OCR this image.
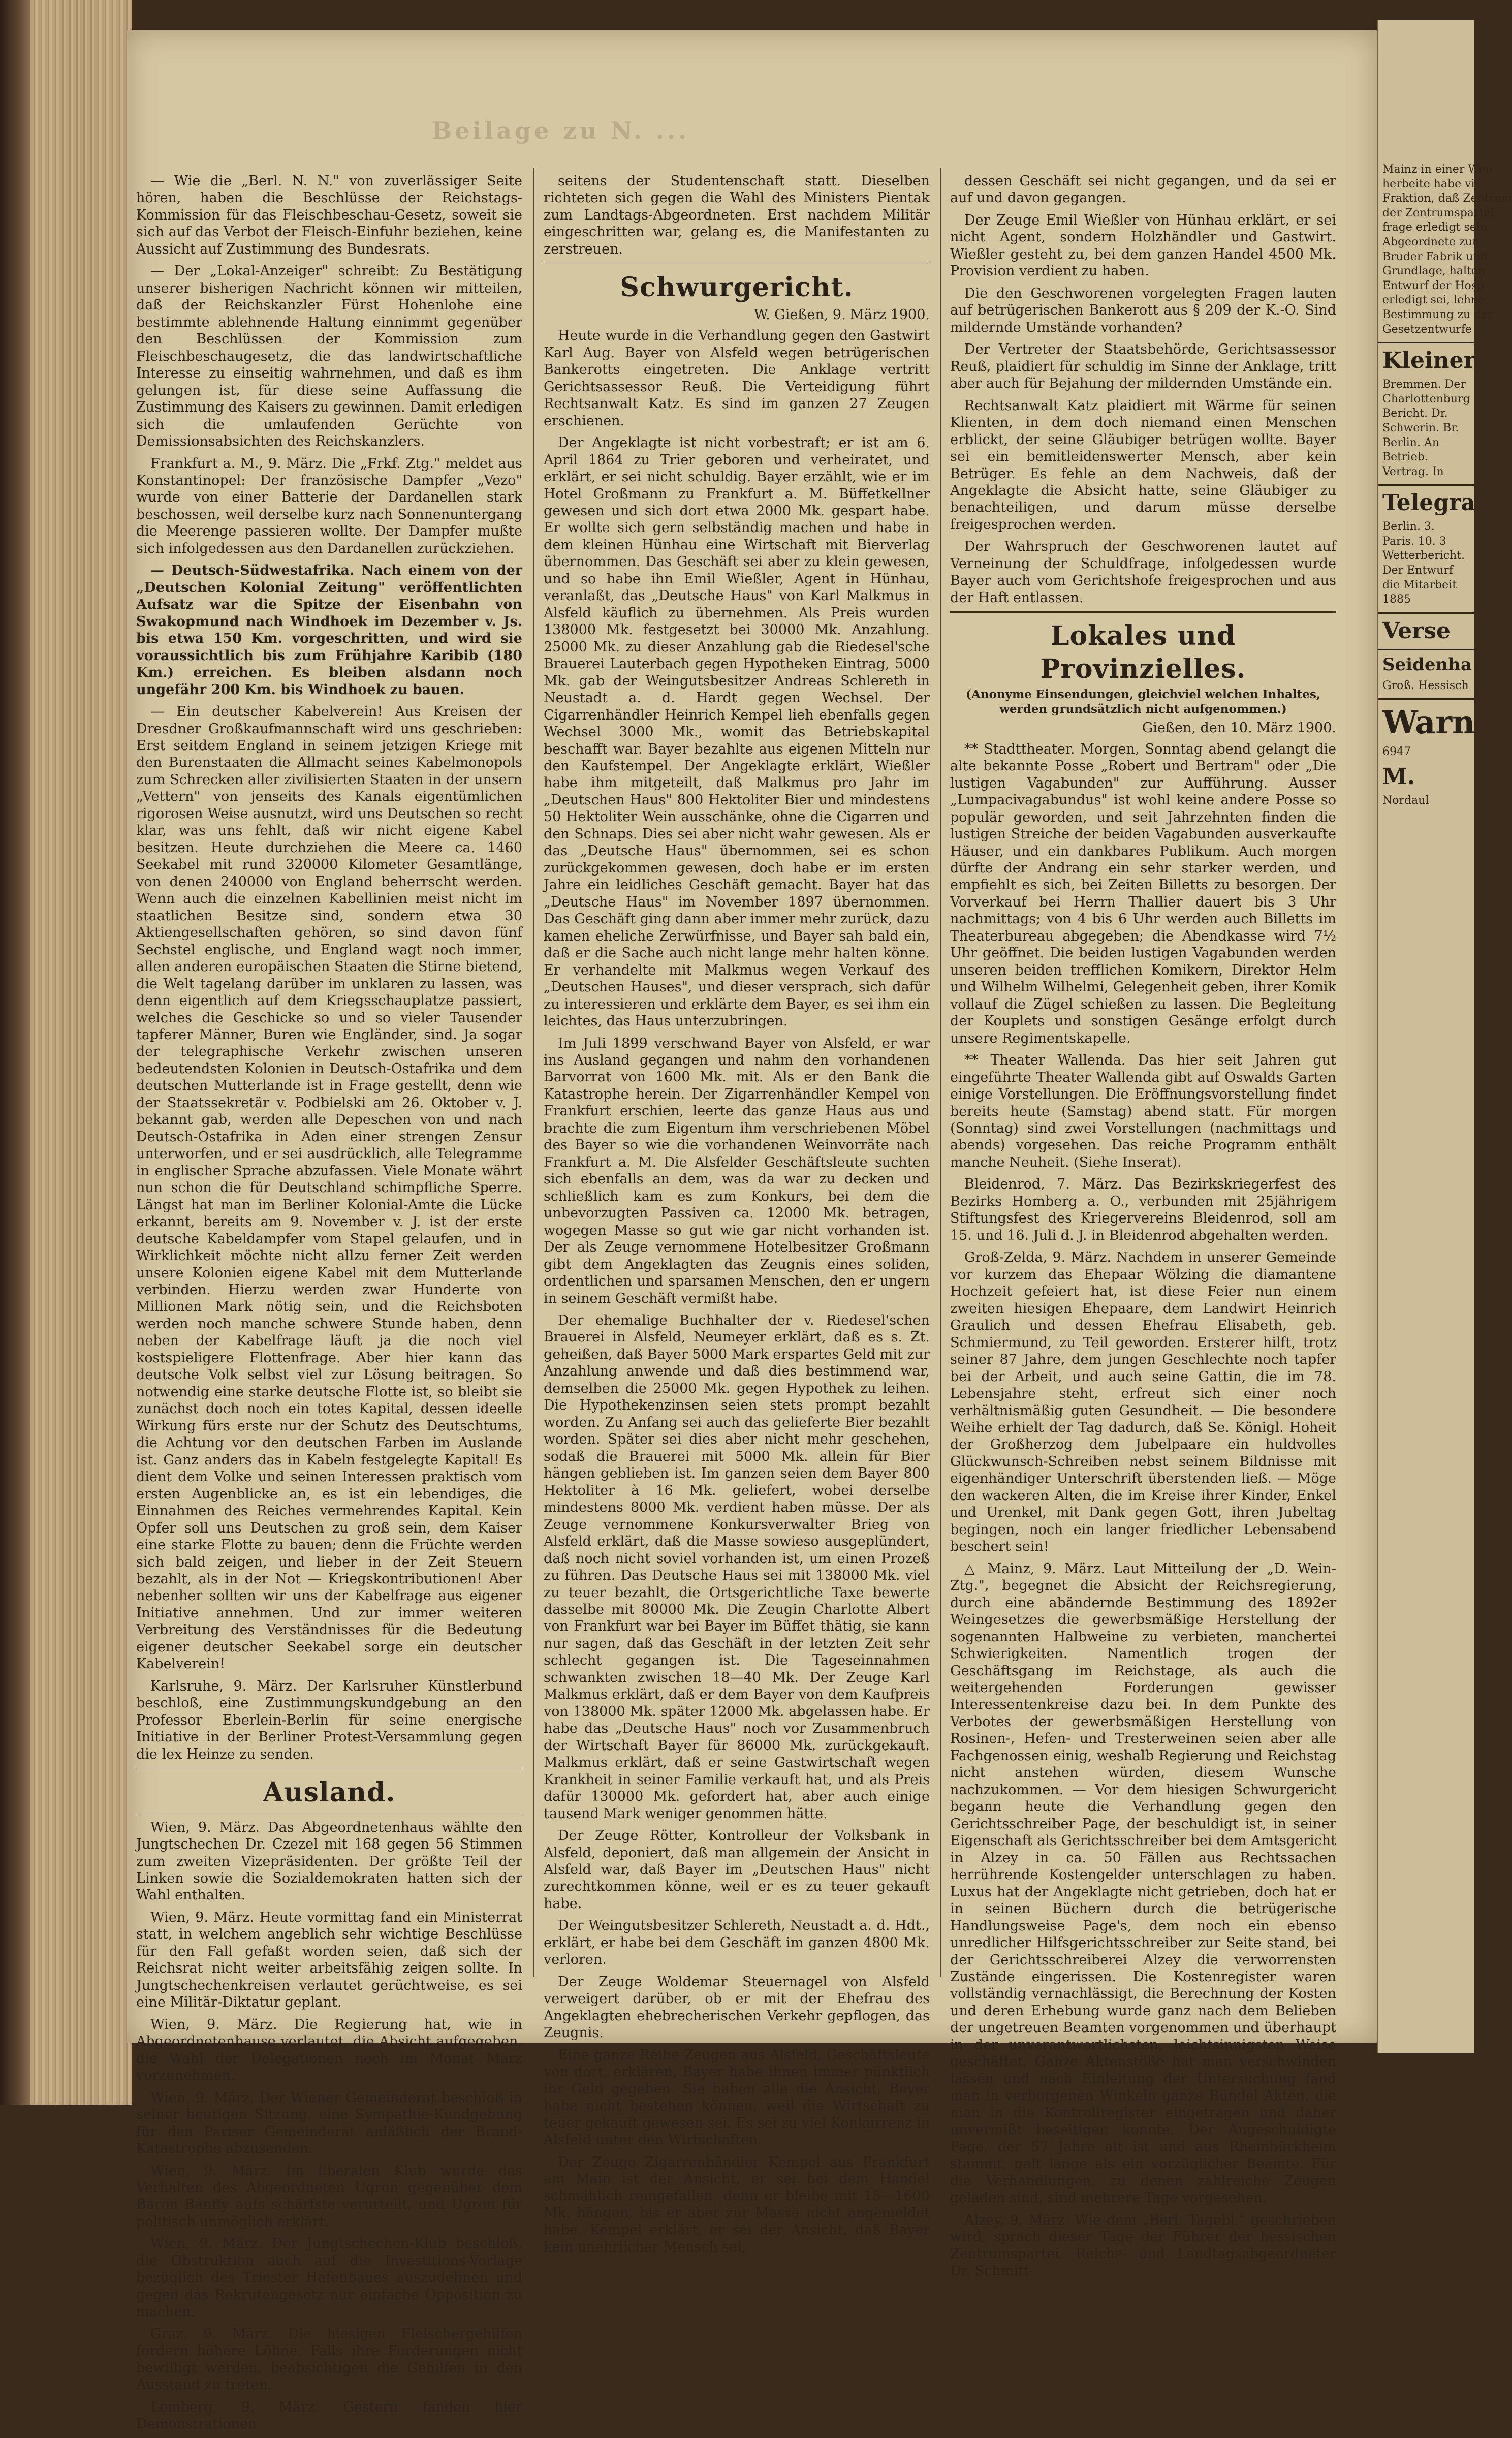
Beilage zu N. ...

— Wie die „Berl. N. N." von zuverlässiger Seite hören, haben die Beschlüsse der Reichstags-Kommission für das Fleischbeschau-Gesetz, soweit sie sich auf das Verbot der Fleisch-Einfuhr beziehen, keine Aussicht auf Zustimmung des Bundesrats.

— Der „Lokal-Anzeiger" schreibt: Zu Bestätigung unserer bisherigen Nachricht können wir mitteilen, daß der Reichskanzler Fürst Hohenlohe eine bestimmte ablehnende Haltung einnimmt gegenüber den Beschlüssen der Kommission zum Fleischbeschaugesetz, die das landwirtschaftliche Interesse zu einseitig wahrnehmen, und daß es ihm gelungen ist, für diese seine Auffassung die Zustimmung des Kaisers zu gewinnen. Damit erledigen sich die umlaufenden Gerüchte von Demissionsabsichten des Reichskanzlers.

Frankfurt a. M., 9. März. Die „Frkf. Ztg." meldet aus Konstantinopel: Der französische Dampfer „Vezo" wurde von einer Batterie der Dardanellen stark beschossen, weil derselbe kurz nach Sonnenuntergang die Meerenge passieren wollte. Der Dampfer mußte sich infolgedessen aus den Dardanellen zurückziehen.

— Deutsch-Südwestafrika. Nach einem von der „Deutschen Kolonial Zeitung" veröffentlichten Aufsatz war die Spitze der Eisenbahn von Swakopmund nach Windhoek im Dezember v. Js. bis etwa 150 Km. vorgeschritten, und wird sie voraussichtlich bis zum Frühjahre Karibib (180 Km.) erreichen. Es bleiben alsdann noch ungefähr 200 Km. bis Windhoek zu bauen.

— Ein deutscher Kabelverein! Aus Kreisen der Dresdner Großkaufmannschaft wird uns geschrieben: Erst seitdem England in seinem jetzigen Kriege mit den Burenstaaten die Allmacht seines Kabelmonopols zum Schrecken aller zivilisierten Staaten in der unsern „Vettern" von jenseits des Kanals eigentümlichen rigorosen Weise ausnutzt, wird uns Deutschen so recht klar, was uns fehlt, daß wir nicht eigene Kabel besitzen. Heute durchziehen die Meere ca. 1460 Seekabel mit rund 320000 Kilometer Gesamtlänge, von denen 240000 von England beherrscht werden. Wenn auch die einzelnen Kabellinien meist nicht im staatlichen Besitze sind, sondern etwa 30 Aktiengesellschaften gehören, so sind davon fünf Sechstel englische, und England wagt noch immer, allen anderen europäischen Staaten die Stirne bietend, die Welt tagelang darüber im unklaren zu lassen, was denn eigentlich auf dem Kriegsschauplatze passiert, welches die Geschicke so und so vieler Tausender tapferer Männer, Buren wie Engländer, sind. Ja sogar der telegraphische Verkehr zwischen unseren bedeutendsten Kolonien in Deutsch-Ostafrika und dem deutschen Mutterlande ist in Frage gestellt, denn wie der Staatssekretär v. Podbielski am 26. Oktober v. J. bekannt gab, werden alle Depeschen von und nach Deutsch-Ostafrika in Aden einer strengen Zensur unterworfen, und er sei ausdrücklich, alle Telegramme in englischer Sprache abzufassen. Viele Monate währt nun schon die für Deutschland schimpfliche Sperre. Längst hat man im Berliner Kolonial-Amte die Lücke erkannt, bereits am 9. November v. J. ist der erste deutsche Kabeldampfer vom Stapel gelaufen, und in Wirklichkeit möchte nicht allzu ferner Zeit werden unsere Kolonien eigene Kabel mit dem Mutterlande verbinden. Hierzu werden zwar Hunderte von Millionen Mark nötig sein, und die Reichsboten werden noch manche schwere Stunde haben, denn neben der Kabelfrage läuft ja die noch viel kostspieligere Flottenfrage. Aber hier kann das deutsche Volk selbst viel zur Lösung beitragen. So notwendig eine starke deutsche Flotte ist, so bleibt sie zunächst doch noch ein totes Kapital, dessen ideelle Wirkung fürs erste nur der Schutz des Deutschtums, die Achtung vor den deutschen Farben im Auslande ist. Ganz anders das in Kabeln festgelegte Kapital! Es dient dem Volke und seinen Interessen praktisch vom ersten Augenblicke an, es ist ein lebendiges, die Einnahmen des Reiches vermehrendes Kapital. Kein Opfer soll uns Deutschen zu groß sein, dem Kaiser eine starke Flotte zu bauen; denn die Früchte werden sich bald zeigen, und lieber in der Zeit Steuern bezahlt, als in der Not — Kriegskontributionen! Aber nebenher sollten wir uns der Kabelfrage aus eigener Initiative annehmen. Und zur immer weiteren Verbreitung des Verständnisses für die Bedeutung eigener deutscher Seekabel sorge ein deutscher Kabelverein!

Karlsruhe, 9. März. Der Karlsruher Künstlerbund beschloß, eine Zustimmungskundgebung an den Professor Eberlein-Berlin für seine energische Initiative in der Berliner Protest-Versammlung gegen die lex Heinze zu senden.

Ausland.

Wien, 9. März. Das Abgeordnetenhaus wählte den Jungtschechen Dr. Czezel mit 168 gegen 56 Stimmen zum zweiten Vizepräsidenten. Der größte Teil der Linken sowie die Sozialdemokraten hatten sich der Wahl enthalten.

Wien, 9. März. Heute vormittag fand ein Ministerrat statt, in welchem angeblich sehr wichtige Beschlüsse für den Fall gefaßt worden seien, daß sich der Reichsrat nicht weiter arbeitsfähig zeigen sollte. In Jungtschechenkreisen verlautet gerüchtweise, es sei eine Militär-Diktatur geplant.

Wien, 9. März. Die Regierung hat, wie in Abgeordnetenhause verlautet, die Absicht aufgegeben, die Wahl der Delegationen noch im Monat März vorzunehmen.

Wien, 9. März. Der Wiener Gemeinderat beschloß in seiner heutigen Sitzung, eine Sympathie-Kundgebung für den Pariser Gemeinderat anläßlich der Brand-Katastrophe abzusenden.

Wien, 9. März. Im liberalen Klub wurde das Verhalten des Abgeordneten Ugron gegenüber dem Baron Banffy aufs schärfste verurteilt, und Ugron für politisch unmöglich erklärt.

Wien, 9. März. Der Jungtschechen-Klub beschloß, die Obstruktion auch auf die Investitions-Vorlage bezüglich des Triester Hafenbaues auszudehnen und gegen das Rekrutengesetz nur einfache Opposition zu machen.

Graz, 9. März. Die hiesigen Fleischergehilfen fordern höhere Löhne. Falls ihre Forderungen nicht bewilligt werden, beabsichtigen die Gehilfen in den Ausstand zu treten.

Lemberg, 9. März. Gestern fanden hier Demonstrationen

seitens der Studentenschaft statt. Dieselben richteten sich gegen die Wahl des Ministers Pientak zum Landtags-Abgeordneten. Erst nachdem Militär eingeschritten war, gelang es, die Manifestanten zu zerstreuen.

Schwurgericht.
W. Gießen, 9. März 1900.

Heute wurde in die Verhandlung gegen den Gastwirt Karl Aug. Bayer von Alsfeld wegen betrügerischen Bankerotts eingetreten. Die Anklage vertritt Gerichtsassessor Reuß. Die Verteidigung führt Rechtsanwalt Katz. Es sind im ganzen 27 Zeugen erschienen.

Der Angeklagte ist nicht vorbestraft; er ist am 6. April 1864 zu Trier geboren und verheiratet, und erklärt, er sei nicht schuldig. Bayer erzählt, wie er im Hotel Großmann zu Frankfurt a. M. Büffetkellner gewesen und sich dort etwa 2000 Mk. gespart habe. Er wollte sich gern selbständig machen und habe in dem kleinen Hünhau eine Wirtschaft mit Bierverlag übernommen. Das Geschäft sei aber zu klein gewesen, und so habe ihn Emil Wießler, Agent in Hünhau, veranlaßt, das „Deutsche Haus" von Karl Malkmus in Alsfeld käuflich zu übernehmen. Als Preis wurden 138000 Mk. festgesetzt bei 30000 Mk. Anzahlung. 25000 Mk. zu dieser Anzahlung gab die Riedesel'sche Brauerei Lauterbach gegen Hypotheken Eintrag, 5000 Mk. gab der Weingutsbesitzer Andreas Schlereth in Neustadt a. d. Hardt gegen Wechsel. Der Cigarrenhändler Heinrich Kempel lieh ebenfalls gegen Wechsel 3000 Mk., womit das Betriebskapital beschafft war. Bayer bezahlte aus eigenen Mitteln nur den Kaufstempel. Der Angeklagte erklärt, Wießler habe ihm mitgeteilt, daß Malkmus pro Jahr im „Deutschen Haus" 800 Hektoliter Bier und mindestens 50 Hektoliter Wein ausschänke, ohne die Cigarren und den Schnaps. Dies sei aber nicht wahr gewesen. Als er das „Deutsche Haus" übernommen, sei es schon zurückgekommen gewesen, doch habe er im ersten Jahre ein leidliches Geschäft gemacht. Bayer hat das „Deutsche Haus" im November 1897 übernommen. Das Geschäft ging dann aber immer mehr zurück, dazu kamen eheliche Zerwürfnisse, und Bayer sah bald ein, daß er die Sache auch nicht lange mehr halten könne. Er verhandelte mit Malkmus wegen Verkauf des „Deutschen Hauses", und dieser versprach, sich dafür zu interessieren und erklärte dem Bayer, es sei ihm ein leichtes, das Haus unterzubringen.

Im Juli 1899 verschwand Bayer von Alsfeld, er war ins Ausland gegangen und nahm den vorhandenen Barvorrat von 1600 Mk. mit. Als er den Bank die Katastrophe herein. Der Zigarrenhändler Kempel von Frankfurt erschien, leerte das ganze Haus aus und brachte die zum Eigentum ihm verschriebenen Möbel des Bayer so wie die vorhandenen Weinvorräte nach Frankfurt a. M. Die Alsfelder Geschäftsleute suchten sich ebenfalls an dem, was da war zu decken und schließlich kam es zum Konkurs, bei dem die unbevorzugten Passiven ca. 12000 Mk. betragen, wogegen Masse so gut wie gar nicht vorhanden ist. Der als Zeuge vernommene Hotelbesitzer Großmann gibt dem Angeklagten das Zeugnis eines soliden, ordentlichen und sparsamen Menschen, den er ungern in seinem Geschäft vermißt habe.

Der ehemalige Buchhalter der v. Riedesel'schen Brauerei in Alsfeld, Neumeyer erklärt, daß es s. Zt. geheißen, daß Bayer 5000 Mark erspartes Geld mit zur Anzahlung anwende und daß dies bestimmend war, demselben die 25000 Mk. gegen Hypothek zu leihen. Die Hypothekenzinsen seien stets prompt bezahlt worden. Zu Anfang sei auch das gelieferte Bier bezahlt worden. Später sei dies aber nicht mehr geschehen, sodaß die Brauerei mit 5000 Mk. allein für Bier hängen geblieben ist. Im ganzen seien dem Bayer 800 Hektoliter à 16 Mk. geliefert, wobei derselbe mindestens 8000 Mk. verdient haben müsse. Der als Zeuge vernommene Konkursverwalter Brieg von Alsfeld erklärt, daß die Masse sowieso ausgeplündert, daß noch nicht soviel vorhanden ist, um einen Prozeß zu führen. Das Deutsche Haus sei mit 138000 Mk. viel zu teuer bezahlt, die Ortsgerichtliche Taxe bewerte dasselbe mit 80000 Mk. Die Zeugin Charlotte Albert von Frankfurt war bei Bayer im Büffet thätig, sie kann nur sagen, daß das Geschäft in der letzten Zeit sehr schlecht gegangen ist. Die Tageseinnahmen schwankten zwischen 18—40 Mk. Der Zeuge Karl Malkmus erklärt, daß er dem Bayer von dem Kaufpreis von 138000 Mk. später 12000 Mk. abgelassen habe. Er habe das „Deutsche Haus" noch vor Zusammenbruch der Wirtschaft Bayer für 86000 Mk. zurückgekauft. Malkmus erklärt, daß er seine Gastwirtschaft wegen Krankheit in seiner Familie verkauft hat, und als Preis dafür 130000 Mk. gefordert hat, aber auch einige tausend Mark weniger genommen hätte.

Der Zeuge Rötter, Kontrolleur der Volksbank in Alsfeld, deponiert, daß man allgemein der Ansicht in Alsfeld war, daß Bayer im „Deutschen Haus" nicht zurechtkommen könne, weil er es zu teuer gekauft habe.

Der Weingutsbesitzer Schlereth, Neustadt a. d. Hdt., erklärt, er habe bei dem Geschäft im ganzen 4800 Mk. verloren.

Der Zeuge Woldemar Steuernagel von Alsfeld verweigert darüber, ob er mit der Ehefrau des Angeklagten ehebrecherischen Verkehr gepflogen, das Zeugnis.

Eine ganze Reihe Zeugen aus Alsfeld, Geschäftsleute von dort, erklären, Bayer habe ihnen immer pünktlich ihr Geld gegeben. Sie haben alle die Ansicht, Bayer habe nicht bestehen können, weil die Wirtschaft zu teuer gekauft gewesen sei. Es sei zu viel Konkurrenz in Alsfeld unter den Wirtschaften.

Der Zeuge Zigarrenhändler Kempel aus Frankfurt am Main ist der Ansicht, er sei bei dem Handel schmählich reingefallen, denn er bleibe mit 15—1600 Mk. hängen, bis er aber zur Masse nicht angemeldet habe. Kempel erklärt, er sei der Ansicht, daß Bayer kein unehrlicher Mensch sei,

dessen Geschäft sei nicht gegangen, und da sei er auf und davon gegangen.

Der Zeuge Emil Wießler von Hünhau erklärt, er sei nicht Agent, sondern Holzhändler und Gastwirt. Wießler gesteht zu, bei dem ganzen Handel 4500 Mk. Provision verdient zu haben.

Die den Geschworenen vorgelegten Fragen lauten auf betrügerischen Bankerott aus § 209 der K.-O. Sind mildernde Umstände vorhanden?

Der Vertreter der Staatsbehörde, Gerichtsassessor Reuß, plaidiert für schuldig im Sinne der Anklage, tritt aber auch für Bejahung der mildernden Umstände ein.

Rechtsanwalt Katz plaidiert mit Wärme für seinen Klienten, in dem doch niemand einen Menschen erblickt, der seine Gläubiger betrügen wollte. Bayer sei ein bemitleidenswerter Mensch, aber kein Betrüger. Es fehle an dem Nachweis, daß der Angeklagte die Absicht hatte, seine Gläubiger zu benachteiligen, und darum müsse derselbe freigesprochen werden.

Der Wahrspruch der Geschworenen lautet auf Verneinung der Schuldfrage, infolgedessen wurde Bayer auch vom Gerichtshofe freigesprochen und aus der Haft entlassen.

Lokales und Provinzielles.
(Anonyme Einsendungen, gleichviel welchen Inhaltes, werden grundsätzlich nicht aufgenommen.)
Gießen, den 10. März 1900.

** Stadttheater. Morgen, Sonntag abend gelangt die alte bekannte Posse „Robert und Bertram" oder „Die lustigen Vagabunden" zur Aufführung. Ausser „Lumpacivagabundus" ist wohl keine andere Posse so populär geworden, und seit Jahrzehnten finden die lustigen Streiche der beiden Vagabunden ausverkaufte Häuser, und ein dankbares Publikum. Auch morgen dürfte der Andrang ein sehr starker werden, und empfiehlt es sich, bei Zeiten Billetts zu besorgen. Der Vorverkauf bei Herrn Thallier dauert bis 3 Uhr nachmittags; von 4 bis 6 Uhr werden auch Billetts im Theaterbureau abgegeben; die Abendkasse wird 7½ Uhr geöffnet. Die beiden lustigen Vagabunden werden unseren beiden trefflichen Komikern, Direktor Helm und Wilhelm Wilhelmi, Gelegenheit geben, ihrer Komik vollauf die Zügel schießen zu lassen. Die Begleitung der Kouplets und sonstigen Gesänge erfolgt durch unsere Regimentskapelle.

** Theater Wallenda. Das hier seit Jahren gut eingeführte Theater Wallenda gibt auf Oswalds Garten einige Vorstellungen. Die Eröffnungsvorstellung findet bereits heute (Samstag) abend statt. Für morgen (Sonntag) sind zwei Vorstellungen (nachmittags und abends) vorgesehen. Das reiche Programm enthält manche Neuheit. (Siehe Inserat).

Bleidenrod, 7. März. Das Bezirkskriegerfest des Bezirks Homberg a. O., verbunden mit 25jährigem Stiftungsfest des Kriegervereins Bleidenrod, soll am 15. und 16. Juli d. J. in Bleidenrod abgehalten werden.

Groß-Zelda, 9. März. Nachdem in unserer Gemeinde vor kurzem das Ehepaar Wölzing die diamantene Hochzeit gefeiert hat, ist diese Feier nun einem zweiten hiesigen Ehepaare, dem Landwirt Heinrich Graulich und dessen Ehefrau Elisabeth, geb. Schmiermund, zu Teil geworden. Ersterer hilft, trotz seiner 87 Jahre, dem jungen Geschlechte noch tapfer bei der Arbeit, und auch seine Gattin, die im 78. Lebensjahre steht, erfreut sich einer noch verhältnismäßig guten Gesundheit. — Die besondere Weihe erhielt der Tag dadurch, daß Se. Königl. Hoheit der Großherzog dem Jubelpaare ein huldvolles Glückwunsch-Schreiben nebst seinem Bildnisse mit eigenhändiger Unterschrift überstenden ließ. — Möge den wackeren Alten, die im Kreise ihrer Kinder, Enkel und Urenkel, mit Dank gegen Gott, ihren Jubeltag begingen, noch ein langer friedlicher Lebensabend beschert sein!

△ Mainz, 9. März. Laut Mitteilung der „D. Wein-Ztg.", begegnet die Absicht der Reichsregierung, durch eine abändernde Bestimmung des 1892er Weingesetzes die gewerbsmäßige Herstellung der sogenannten Halbweine zu verbieten, manchertei Schwierigkeiten. Namentlich trogen der Geschäftsgang im Reichstage, als auch die weitergehenden Forderungen gewisser Interessentenkreise dazu bei. In dem Punkte des Verbotes der gewerbsmäßigen Herstellung von Rosinen-, Hefen- und Tresterweinen seien aber alle Fachgenossen einig, weshalb Regierung und Reichstag nicht anstehen würden, diesem Wunsche nachzukommen. — Vor dem hiesigen Schwurgericht begann heute die Verhandlung gegen den Gerichtsschreiber Page, der beschuldigt ist, in seiner Eigenschaft als Gerichtsschreiber bei dem Amtsgericht in Alzey in ca. 50 Fällen aus Rechtssachen herrührende Kostengelder unterschlagen zu haben. Luxus hat der Angeklagte nicht getrieben, doch hat er in seinen Büchern durch die betrügerische Handlungsweise Page's, dem noch ein ebenso unredlicher Hilfsgerichtsschreiber zur Seite stand, bei der Gerichtsschreiberei Alzey die verworrensten Zustände eingerissen. Die Kostenregister waren vollständig vernachlässigt, die Berechnung der Kosten und deren Erhebung wurde ganz nach dem Belieben der ungetreuen Beamten vorgenommen und überhaupt in der unverantwortlichsten, leichtsinnigsten Weise geschäftet. Ganze Aktenstöße hat man verschwinden lassen und nach Einleitung der Untersuchung fand man in verborgenen Winkeln ganze Bündel Akten, die man in die Kontrollregister eingetragen und daher unvermißt beseitigen konnte. Der Angeschuldigte Page, der 57 Jahre alt ist und aus Rheinbürkheim stammt, galt lange als ein vorzüglicher Beamte. Für die Verhandlungen, zu denen zahlreiche Zeugen geladen sind, sind mehrere Tage vorgesehen.

Alzey, 9. März. Wie dem „Berl. Tagebl." geschrieben wird, sprach dieser Tage der Führer der hessischen Zentrumspartei, Reichs- und Landtagsabgeordneter Dr. Schmitt-

Mainz in einer Wen
herbeite habe vi
Fraktion, daß Zentrum
der Zentrumspartei
frage erledigt sein
Abgeordnete zur
Bruder Fabrik und
Grundlage, halten
Entwurf der Hosp
erledigt sei, lehne
Bestimmung zu der
Gesetzentwurfe
Kleiner
Bremmen. Der
Charlottenburg
Bericht. Dr.
Schwerin. Br.
Berlin. An
Betrieb.
Vertrag. In
Telegra
Berlin. 3.
Paris. 10. 3
Wetterbericht.
Der Entwurf
die Mitarbeit
1885
Verse
Seidenha
Groß. Hessisch
Warn
6947
M.
Nordaul
